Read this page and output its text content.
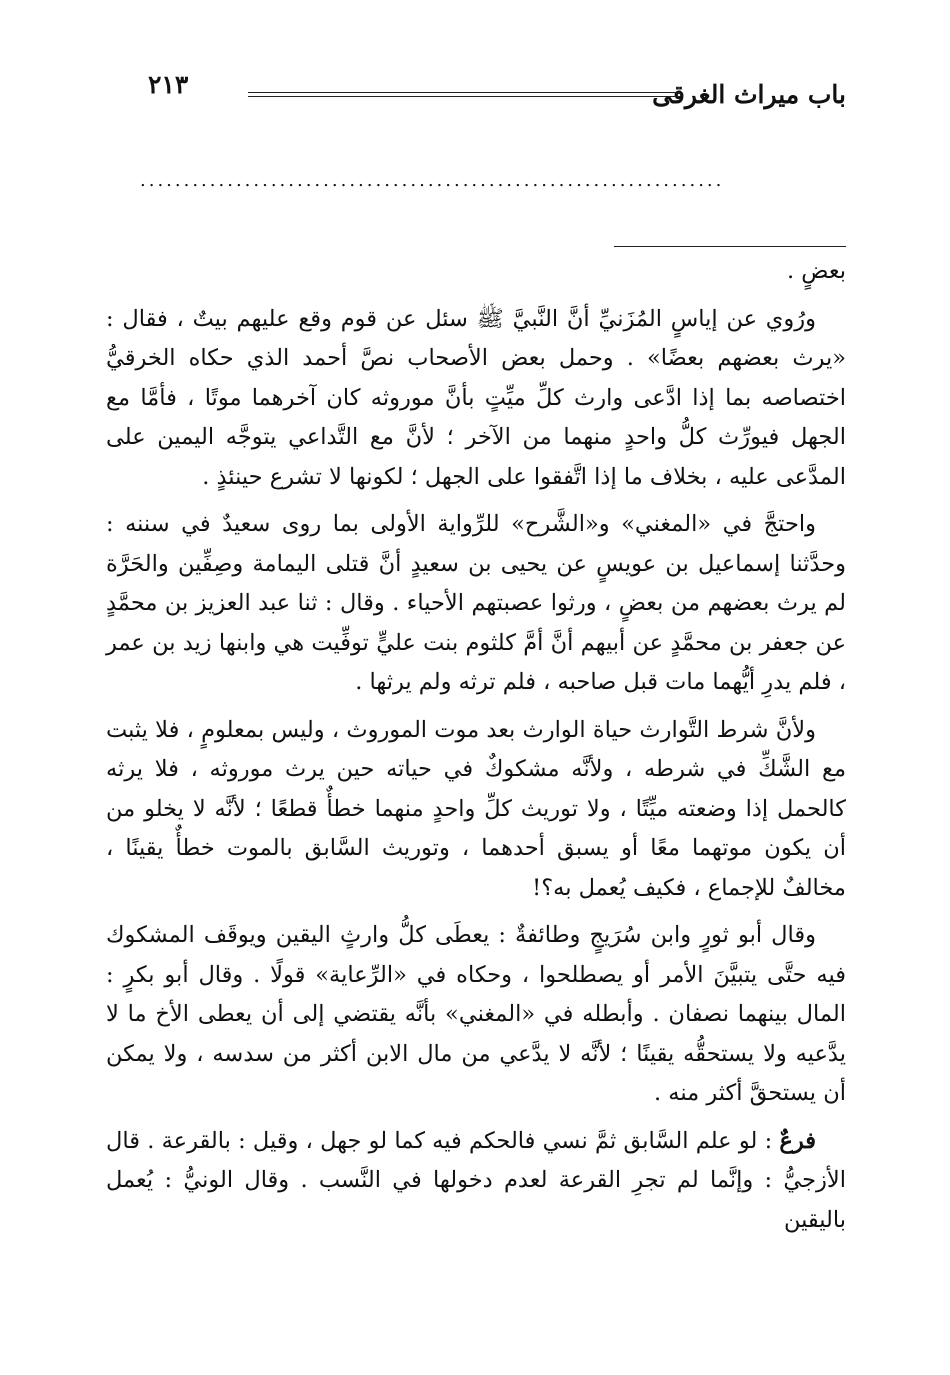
باب ميراث الغرقى
٢١٣
...................................................................

بعضٍ .

ورُوي عن إياسٍ المُزَنيِّ أنَّ النَّبيَّ ﷺ سئل عن قوم وقع عليهم بيتٌ ، فقال : «يرث بعضهم بعضًا» . وحمل بعض الأصحاب نصَّ أحمد الذي حكاه الخرقيُّ اختصاصه بما إذا ادَّعى وارث كلِّ ميِّتٍ بأنَّ موروثه كان آخرهما موتًا ، فأمَّا مع الجهل فيورِّث كلُّ واحدٍ منهما من الآخر ؛ لأنَّ مع التَّداعي يتوجَّه اليمين على المدَّعى عليه ، بخلاف ما إذا اتَّفقوا على الجهل ؛ لكونها لا تشرع حينئذٍ .

واحتجَّ في «المغني» و«الشَّرح» للرِّواية الأولى بما روى سعيدٌ في سننه : وحدَّثنا إسماعيل بن عويسٍ عن يحيى بن سعيدٍ أنَّ قتلى اليمامة وصِفِّين والحَرَّة لم يرث بعضهم من بعضٍ ، ورثوا عصبتهم الأحياء . وقال : ثنا عبد العزيز بن محمَّدٍ عن جعفر بن محمَّدٍ عن أبيهم أنَّ أمَّ كلثوم بنت عليٍّ توفِّيت هي وابنها زيد بن عمر ، فلم يدرِ أيُّهما مات قبل صاحبه ، فلم ترثه ولم يرثها .

ولأنَّ شرط التَّوارث حياة الوارث بعد موت الموروث ، وليس بمعلومٍ ، فلا يثبت مع الشَّكِّ في شرطه ، ولأنَّه مشكوكٌ في حياته حين يرث موروثه ، فلا يرثه كالحمل إذا وضعته ميِّتًا ، ولا توريث كلِّ واحدٍ منهما خطأٌ قطعًا ؛ لأنَّه لا يخلو من أن يكون موتهما معًا أو يسبق أحدهما ، وتوريث السَّابق بالموت خطأٌ يقينًا ، مخالفٌ للإجماع ، فكيف يُعمل به؟!

وقال أبو ثورٍ وابن سُرَيجٍ وطائفةٌ : يعطَى كلُّ وارثٍ اليقين ويوقَف المشكوك فيه حتَّى يتبيَّنَ الأمر أو يصطلحوا ، وحكاه في «الرِّعاية» قولًا . وقال أبو بكرٍ : المال بينهما نصفان . وأبطله في «المغني» بأنَّه يقتضي إلى أن يعطى الأخ ما لا يدَّعيه ولا يستحقُّه يقينًا ؛ لأنَّه لا يدَّعي من مال الابن أكثر من سدسه ، ولا يمكن أن يستحقَّ أكثر منه .

فرعٌ : لو علم السَّابق ثمَّ نسي فالحكم فيه كما لو جهل ، وقيل : بالقرعة . قال الأزجيُّ : وإنَّما لم تجرِ القرعة لعدم دخولها في النَّسب . وقال الونيُّ : يُعمل باليقين
